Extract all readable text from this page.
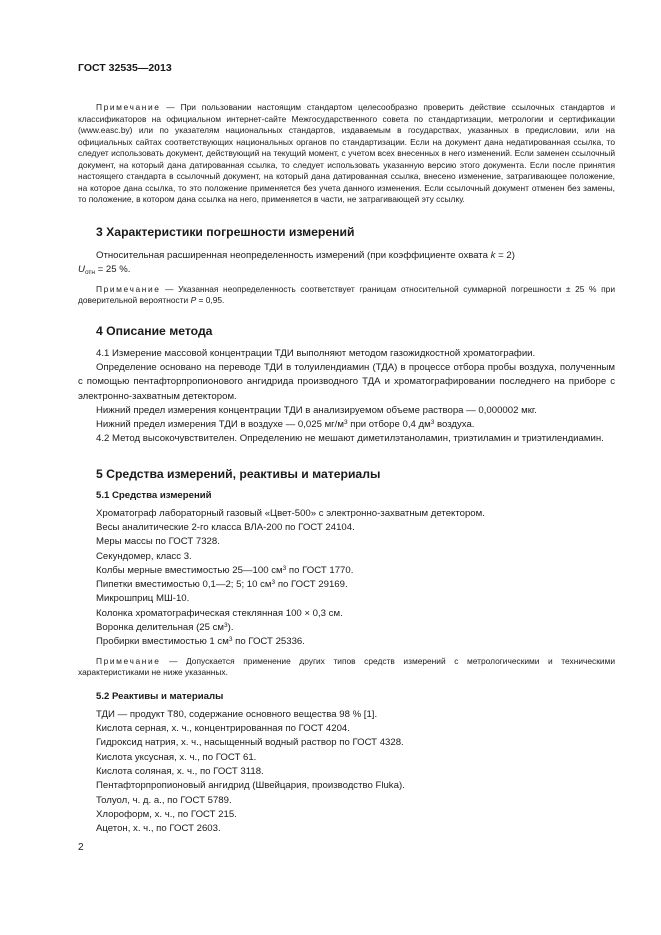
ГОСТ 32535—2013

Примечание — При пользовании настоящим стандартом целесообразно проверить действие ссылочных стандартов и классификаторов на официальном интернет-сайте Межгосударственного совета по стандартизации, метрологии и сертификации (www.easc.by) или по указателям национальных стандартов, издаваемым в государствах, указанных в предисловии, или на официальных сайтах соответствующих национальных органов по стандартизации. Если на документ дана недатированная ссылка, то следует использовать документ, действующий на текущий момент, с учетом всех внесенных в него изменений. Если заменен ссылочный документ, на который дана датированная ссылка, то следует использовать указанную версию этого документа. Если после принятия настоящего стандарта в ссылочный документ, на который дана датированная ссылка, внесено изменение, затрагивающее положение, на которое дана ссылка, то это положение применяется без учета данного изменения. Если ссылочный документ отменен без замены, то положение, в котором дана ссылка на него, применяется в части, не затрагивающей эту ссылку.

3 Характеристики погрешности измерений

Относительная расширенная неопределенность измерений (при коэффициенте охвата k = 2)

$U_{отн} = 25$ %.

Примечание — Указанная неопределенность соответствует границам относительной суммарной погрешности ± 25 % при доверительной вероятности P = 0,95.

4 Описание метода

4.1 Измерение массовой концентрации ТДИ выполняют методом газожидкостной хроматографии.

Определение основано на переводе ТДИ в толуилендиамин (ТДА) в процессе отбора пробы воздуха, полученным с помощью пентафторпропионового ангидрида производного ТДА и хроматографировании последнего на приборе с электронно-захватным детектором.

Нижний предел измерения концентрации ТДИ в анализируемом объеме раствора — 0,000002 мкг.

Нижний предел измерения ТДИ в воздухе — 0,025 $мг/м^3$ при отборе 0,4 $дм^3$ воздуха.

4.2 Метод высокочувствителен. Определению не мешают диметилэтаноламин, триэтиламин и триэтилендиамин.

5 Средства измерений, реактивы и материалы

5.1 Средства измерений

Хроматограф лабораторный газовый «Цвет-500» с электронно-захватным детектором.

Весы аналитические 2-го класса ВЛА-200 по ГОСТ 24104.

Меры массы по ГОСТ 7328.

Секундомер, класс 3.

Колбы мерные вместимостью 25—100 $см^3$ по ГОСТ 1770.

Пипетки вместимостью 0,1—2; 5; 10 $см^3$ по ГОСТ 29169.

Микрошприц МШ-10.

Колонка хроматографическая стеклянная 100 × 0,3 см.

Воронка делительная (25 $см^3$).

Пробирки вместимостью 1 $см^3$ по ГОСТ 25336.

Примечание — Допускается применение других типов средств измерений с метрологическими и техническими характеристиками не ниже указанных.

5.2 Реактивы и материалы

ТДИ — продукт Т80, содержание основного вещества 98 % [1].

Кислота серная, х. ч., концентрированная по ГОСТ 4204.

Гидроксид натрия, х. ч., насыщенный водный раствор по ГОСТ 4328.

Кислота уксусная, х. ч., по ГОСТ 61.

Кислота соляная, х. ч., по ГОСТ 3118.

Пентафторпропионовый ангидрид (Швейцария, производство Fluka).

Толуол, ч. д. а., по ГОСТ 5789.

Хлороформ, х. ч., по ГОСТ 215.

Ацетон, х. ч., по ГОСТ 2603.

2
